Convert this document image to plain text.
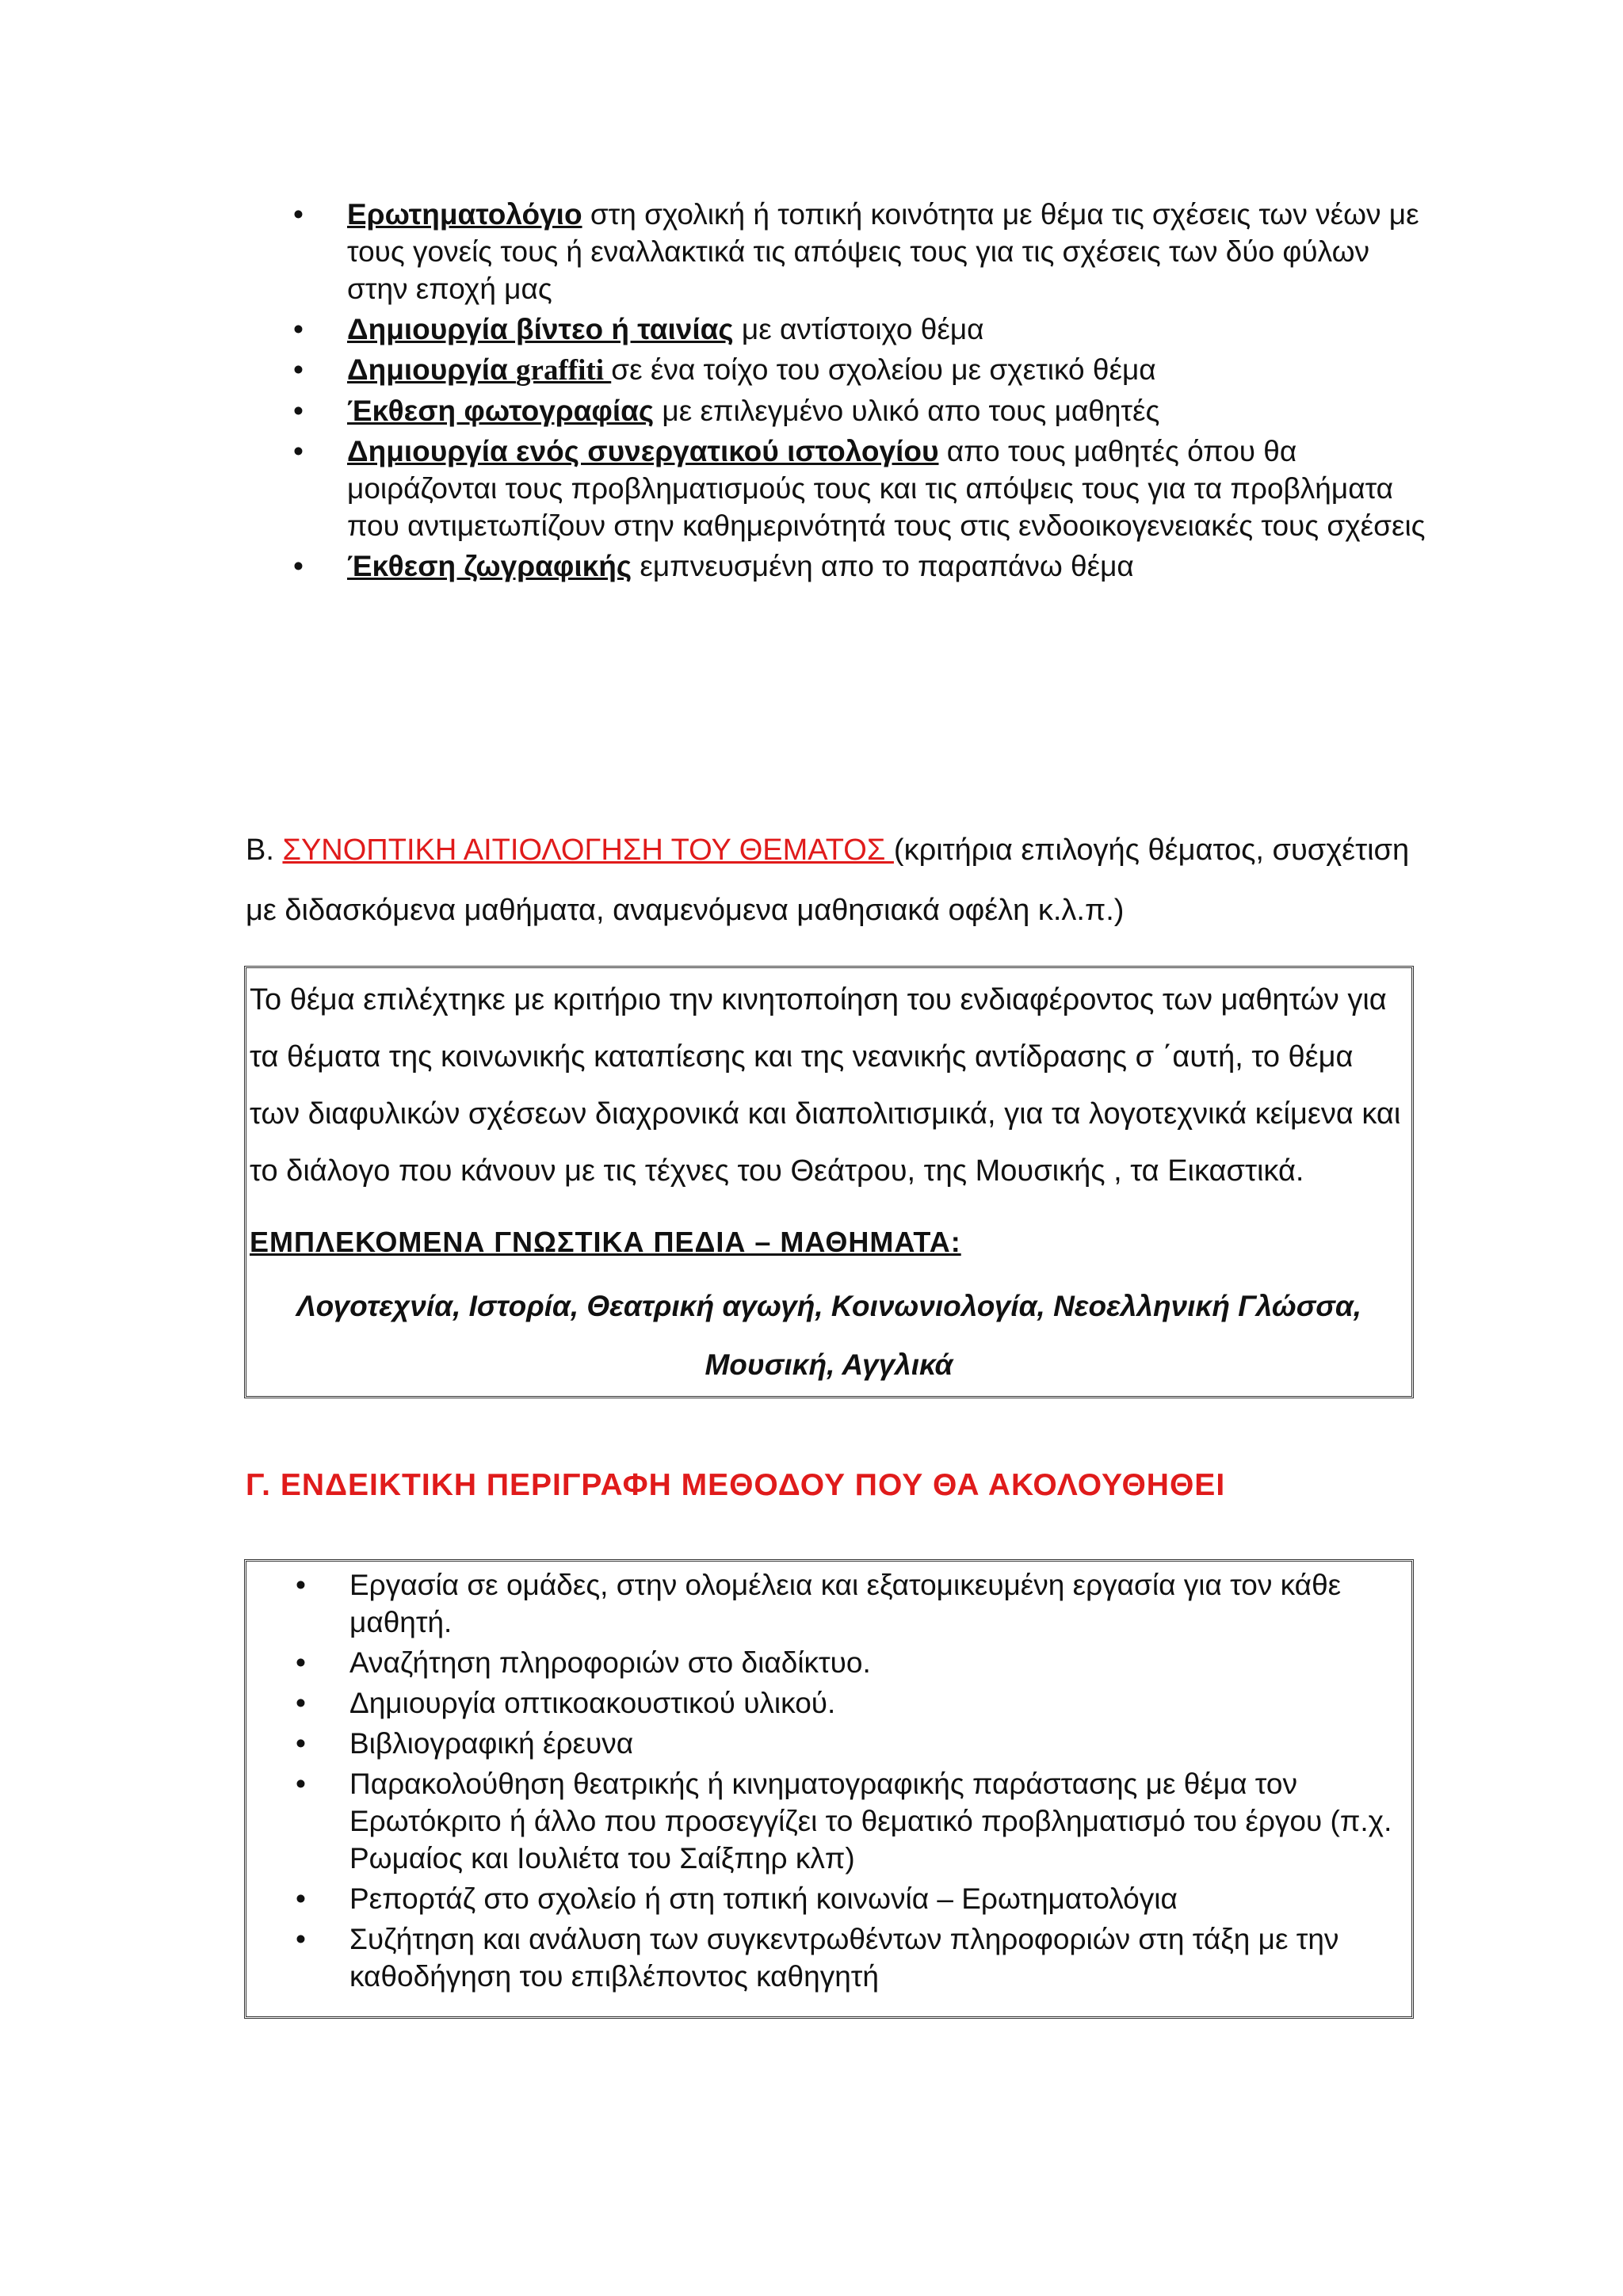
• Ερωτηματολόγιο στη σχολική ή τοπική κοινότητα με θέμα τις σχέσεις των νέων με τους γονείς τους ή εναλλακτικά τις απόψεις τους για τις σχέσεις των δύο φύλων στην εποχή μας
• Δημιουργία βίντεο ή ταινίας με αντίστοιχο θέμα
• Δημιουργία graffiti σε ένα τοίχο του σχολείου με σχετικό θέμα
• Έκθεση φωτογραφίας με επιλεγμένο υλικό απο τους μαθητές
• Δημιουργία ενός συνεργατικού ιστολογίου απο τους μαθητές όπου θα μοιράζονται τους προβληματισμούς τους και τις απόψεις τους για τα προβλήματα που αντιμετωπίζουν στην καθημερινότητά τους στις ενδοοικογενειακές τους σχέσεις
• Έκθεση ζωγραφικής εμπνευσμένη απο το παραπάνω θέμα
Β. ΣΥΝΟΠΤΙΚΗ ΑΙΤΙΟΛΟΓΗΣΗ ΤΟΥ ΘΕΜΑΤΟΣ (κριτήρια επιλογής θέματος, συσχέτιση με διδασκόμενα μαθήματα, αναμενόμενα μαθησιακά οφέλη κ.λ.π.)
Το θέμα επιλέχτηκε με κριτήριο την κινητοποίηση του ενδιαφέροντος των μαθητών για τα θέματα της κοινωνικής καταπίεσης και της νεανικής αντίδρασης σ ΄αυτή, το θέμα των διαφυλικών σχέσεων διαχρονικά και διαπολιτισμικά, για τα λογοτεχνικά κείμενα και το διάλογο που κάνουν με τις τέχνες του Θεάτρου, της Μουσικής , τα Εικαστικά.
ΕΜΠΛΕΚΟΜΕΝΑ ΓΝΩΣΤΙΚΑ ΠΕΔΙΑ – ΜΑΘΗΜΑΤΑ:
Λογοτεχνία, Ιστορία, Θεατρική αγωγή, Κοινωνιολογία, Νεοελληνική Γλώσσα,
Μουσική, Αγγλικά
Γ. ΕΝΔΕΙΚΤΙΚΗ ΠΕΡΙΓΡΑΦΗ ΜΕΘΟΔΟΥ ΠΟΥ ΘΑ ΑΚΟΛΟΥΘΗΘΕΙ
• Εργασία σε ομάδες, στην ολομέλεια και εξατομικευμένη εργασία για τον κάθε μαθητή.
• Αναζήτηση πληροφοριών στο διαδίκτυο.
• Δημιουργία οπτικοακουστικού υλικού.
• Βιβλιογραφική έρευνα
• Παρακολούθηση θεατρικής ή κινηματογραφικής παράστασης με θέμα τον Ερωτόκριτο ή άλλο που προσεγγίζει το θεματικό προβληματισμό του έργου (π.χ. Ρωμαίος και Ιουλιέτα του Σαίξπηρ κλπ)
• Ρεπορτάζ στο σχολείο ή στη τοπική κοινωνία – Ερωτηματολόγια
• Συζήτηση και ανάλυση των συγκεντρωθέντων πληροφοριών στη τάξη με την καθοδήγηση του επιβλέποντος καθηγητή
